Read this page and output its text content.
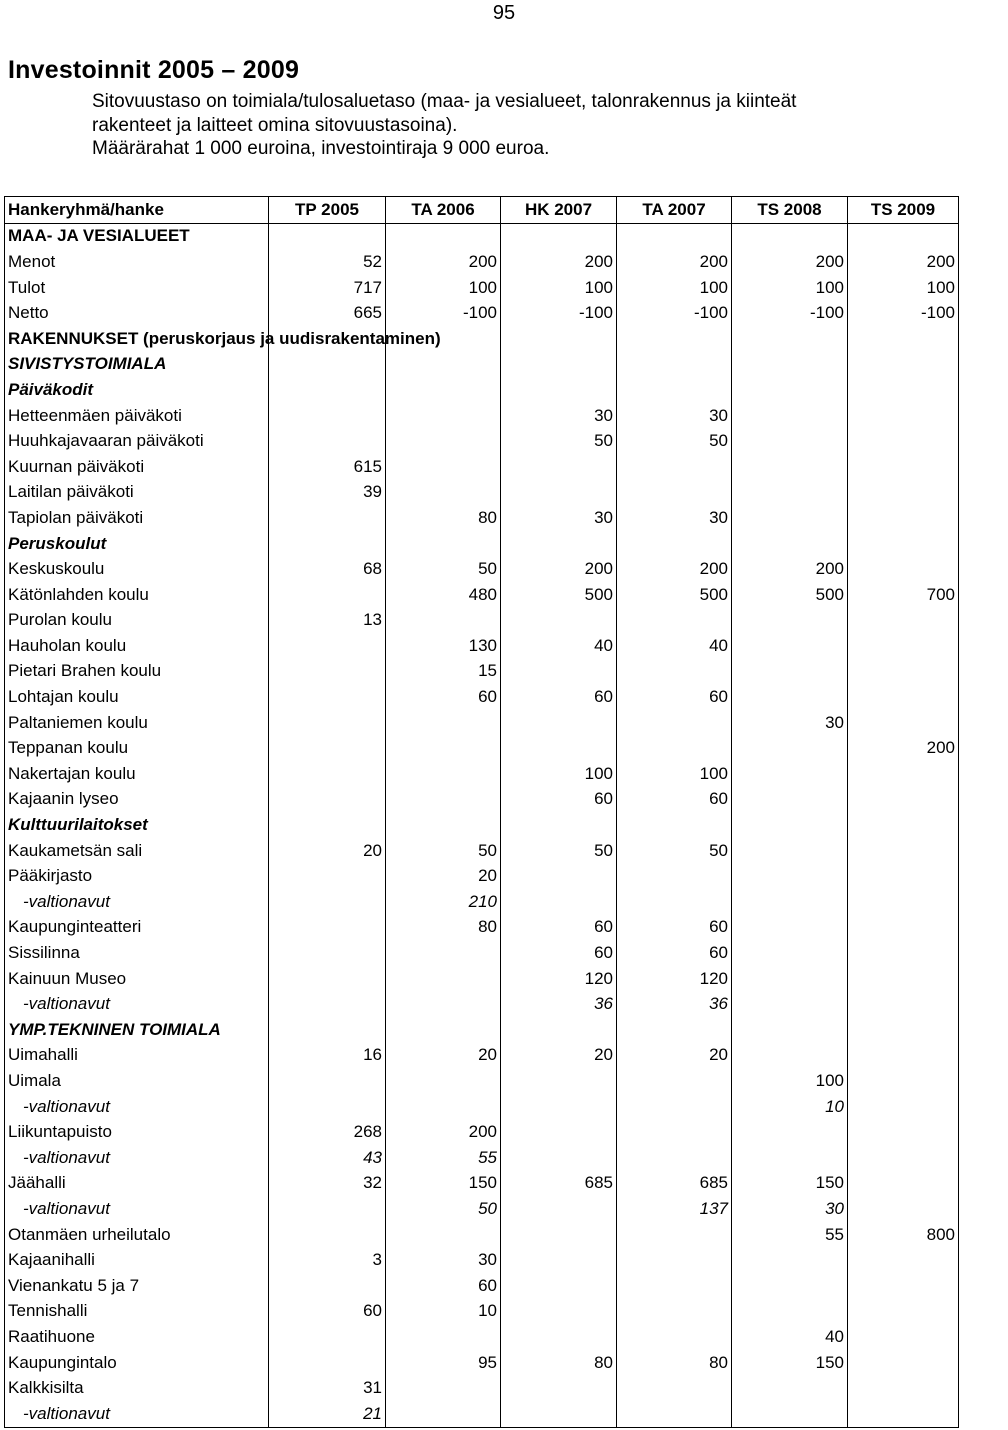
95
Investoinnit 2005 – 2009
Sitovuustaso on toimiala/tulosaluetaso (maa- ja vesialueet, talonrakennus ja kiinteät
rakenteet ja laitteet omina sitovuustasoina).
Määrärahat 1 000 euroina, investointiraja 9 000 euroa.
Hankeryhmä/hanke	TP 2005	TA 2006	HK 2007	TA 2007	TS 2008	TS 2009
MAA- JA VESIALUEET						
Menot	52	200	200	200	200	200
Tulot	717	100	100	100	100	100
Netto	665	-100	-100	-100	-100	-100
RAKENNUKSET (peruskorjaus ja uudisrakentaminen)						
SIVISTYSTOIMIALA						
Päiväkodit						
Hetteenmäen päiväkoti			30	30		
Huuhkajavaaran päiväkoti			50	50		
Kuurnan päiväkoti	615					
Laitilan päiväkoti	39					
Tapiolan päiväkoti		80	30	30		
Peruskoulut						
Keskuskoulu	68	50	200	200	200	
Kätönlahden koulu		480	500	500	500	700
Purolan koulu	13					
Hauholan koulu		130	40	40		
Pietari Brahen koulu		15				
Lohtajan koulu		60	60	60		
Paltaniemen koulu					30	
Teppanan koulu						200
Nakertajan koulu			100	100		
Kajaanin lyseo			60	60		
Kulttuurilaitokset						
Kaukametsän sali	20	50	50	50		
Pääkirjasto		20				
-valtionavut		210				
Kaupunginteatteri		80	60	60		
Sissilinna			60	60		
Kainuun Museo			120	120		
-valtionavut			36	36		
YMP.TEKNINEN TOIMIALA						
Uimahalli	16	20	20	20		
Uimala					100	
-valtionavut					10	
Liikuntapuisto	268	200				
-valtionavut	43	55				
Jäähalli	32	150	685	685	150	
-valtionavut		50		137	30	
Otanmäen urheilutalo					55	800
Kajaanihalli	3	30				
Vienankatu 5 ja 7		60				
Tennishalli	60	10				
Raatihuone					40	
Kaupungintalo		95	80	80	150	
Kalkkisilta	31					
-valtionavut	21					
